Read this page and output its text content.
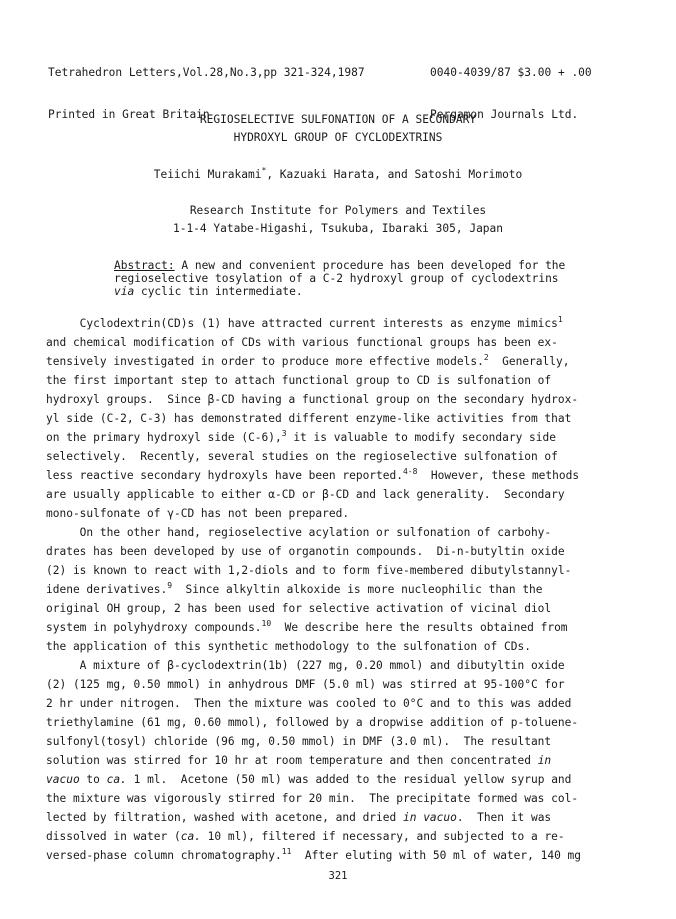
Tetrahedron Letters,Vol.28,No.3,pp 321-324,1987

Printed in Great Britain

0040-4039/87 $3.00 + .00

Pergamon Journals Ltd.

REGIOSELECTIVE SULFONATION OF A SECONDARY
HYDROXYL GROUP OF CYCLODEXTRINS
Teiichi Murakami*, Kazuaki Harata, and Satoshi Morimoto
Research Institute for Polymers and Textiles
1-1-4 Yatabe-Higashi, Tsukuba, Ibaraki 305, Japan
Abstract: A new and convenient procedure has been developed for the regioselective tosylation of a C-2 hydroxyl group of cyclodextrins via cyclic tin intermediate.
Cyclodextrin(CD)s (1) have attracted current interests as enzyme mimics$^1$
and chemical modification of CDs with various functional groups has been ex-
tensively investigated in order to produce more effective models.$^2$  Generally,
the first important step to attach functional group to CD is sulfonation of
hydroxyl groups.  Since β-CD having a functional group on the secondary hydrox-
yl side (C-2, C-3) has demonstrated different enzyme-like activities from that
on the primary hydroxyl side (C-6),$^3$ it is valuable to modify secondary side
selectively.  Recently, several studies on the regioselective sulfonation of
less reactive secondary hydroxyls have been reported.$^{4-8}$  However, these methods
are usually applicable to either α-CD or β-CD and lack generality.  Secondary
mono-sulfonate of γ-CD has not been prepared.
On the other hand, regioselective acylation or sulfonation of carbohy-
drates has been developed by use of organotin compounds.  Di-n-butyltin oxide
(2) is known to react with 1,2-diols and to form five-membered dibutylstannyl-
idene derivatives.$^9$  Since alkyltin alkoxide is more nucleophilic than the
original OH group, 2 has been used for selective activation of vicinal diol
system in polyhydroxy compounds.$^{10}$  We describe here the results obtained from
the application of this synthetic methodology to the sulfonation of CDs.
A mixture of β-cyclodextrin(1b) (227 mg, 0.20 mmol) and dibutyltin oxide
(2) (125 mg, 0.50 mmol) in anhydrous DMF (5.0 ml) was stirred at 95-100°C for
2 hr under nitrogen.  Then the mixture was cooled to 0°C and to this was added
triethylamine (61 mg, 0.60 mmol), followed by a dropwise addition of p-toluene-
sulfonyl(tosyl) chloride (96 mg, 0.50 mmol) in DMF (3.0 ml).  The resultant
solution was stirred for 10 hr at room temperature and then concentrated in
vacuo to ca. 1 ml.  Acetone (50 ml) was added to the residual yellow syrup and
the mixture was vigorously stirred for 20 min.  The precipitate formed was col-
lected by filtration, washed with acetone, and dried in vacuo.  Then it was
dissolved in water (ca. 10 ml), filtered if necessary, and subjected to a re-
versed-phase column chromatography.$^{11}$  After eluting with 50 ml of water, 140 mg
321
